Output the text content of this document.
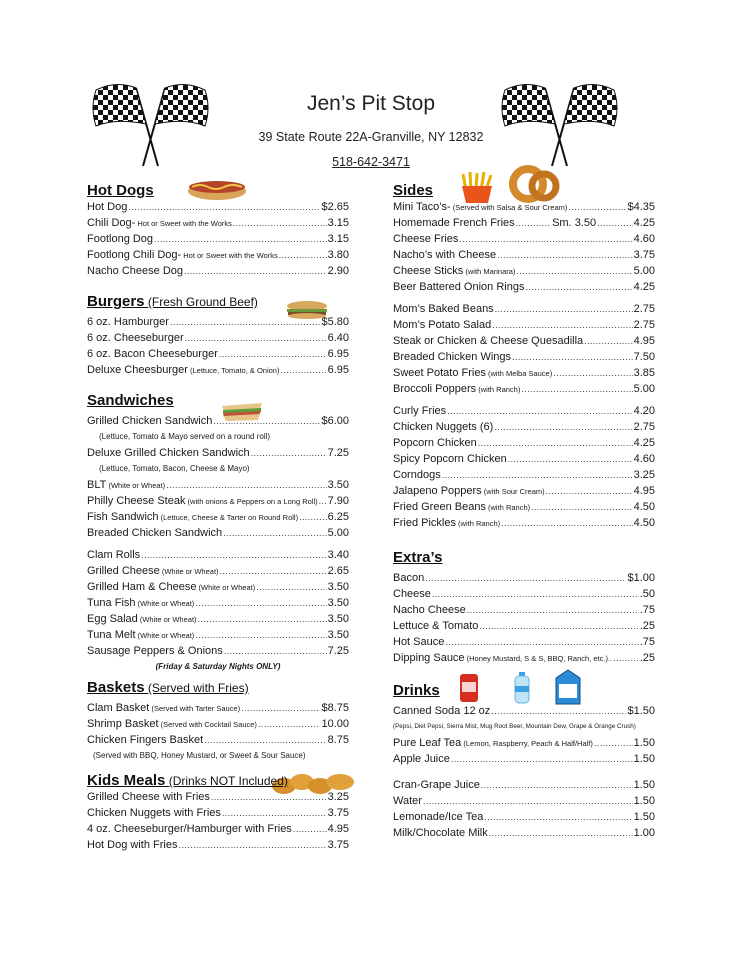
Jen’s Pit Stop
39 State Route 22A-Granville, NY 12832
518-642-3471
Hot Dogs
Hot Dog .....	$2.65
Chili Dog- Hot or Sweet with the Works .....	3.15
Footlong Dog .....	3.15
Footlong Chili Dog- Hot or Sweet with the Works .....	3.80
Nacho Cheese Dog .....	2.90
Burgers (Fresh Ground Beef)
6 oz. Hamburger .....	$5.80
6 oz. Cheeseburger .....	6.40
6 oz. Bacon Cheeseburger .....	6.95
Deluxe Cheesburger (Lettuce, Tomato, & Onion) .....	6.95
Sandwiches
Grilled Chicken Sandwich .....	$6.00
(Lettuce, Tomato & Mayo served on a round roll)
Deluxe Grilled Chicken Sandwich .....	7.25
(Lettuce, Tomato, Bacon, Cheese & Mayo)
BLT (White or Wheat) .....	3.50
Philly Cheese Steak (with onions & Peppers on a Long Roll) ..... 7.90
Fish Sandwich (Lettuce, Cheese & Tarter on Round Roll) .....	6.25
Breaded Chicken Sandwich .....	5.00
Clam Rolls .....	3.40
Grilled Cheese (White or Wheat) .....	2.65
Grilled Ham & Cheese (White or Wheat) .....	3.50
Tuna Fish (White or Wheat) .....	3.50
Egg Salad (White or Wheat) .....	3.50
Tuna Melt (White or Wheat) .....	3.50
Sausage Peppers & Onions .....	7.25
(Friday & Saturday Nights ONLY)
Baskets (Served with Fries)
Clam Basket (Served with Tarter Sauce) .....	$8.75
Shrimp Basket (Served with Cocktail Sauce) .....	10.00
Chicken Fingers Basket .....	8.75
(Served with BBQ, Honey Mustard, or Sweet & Sour Sauce)
Kids Meals (Drinks NOT Included)
Grilled Cheese with Fries .....	3.25
Chicken Nuggets with Fries .....	3.75
4 oz. Cheeseburger/Hamburger with Fries .....	4.95
Hot Dog with Fries .....	3.75
Sides
Mini Taco’s- (Served with Salsa & Sour Cream) .....	$4.35
Homemade French Fries .....	Sm. 3.50 .....	4.25
Cheese Fries .....	4.60
Nacho’s with Cheese .....	3.75
Cheese Sticks (with Marinara) .....	5.00
Beer Battered Onion Rings .....	4.25
Mom’s Baked Beans .....	2.75
Mom’s Potato Salad .....	2.75
Steak or Chicken & Cheese Quesadilla .....	4.95
Breaded Chicken Wings .....	7.50
Sweet Potato Fries (with Melba Sauce) .....	3.85
Broccoli Poppers (with Ranch) .....	5.00
Curly Fries .....	4.20
Chicken Nuggets (6) .....	2.75
Popcorn Chicken .....	4.25
Spicy Popcorn Chicken .....	4.60
Corndogs .....	3.25
Jalapeno Poppers (with Sour Cream) .....	4.95
Fried Green Beans (with Ranch) .....	4.50
Fried Pickles (with Ranch) .....	4.50
Extra’s
Bacon .....	$1.00
Cheese .....	.50
Nacho Cheese .....	.75
Lettuce & Tomato .....	.25
Hot Sauce .....	.75
Dipping Sauce (Honey Mustard, S & S, BBQ, Ranch, etc.).. .....	.25
Drinks
Canned Soda 12 oz .....	$1.50
(Pepsi, Diet Pepsi, Sierra Mist, Mug Root Beer, Mountain Dew, Grape & Orange Crush)
Pure Leaf Tea (Lemon, Raspberry, Peach & Half/Half) .....	1.50
Apple Juice .....	1.50
Cran-Grape Juice .....	1.50
Water .....	1.50
Lemonade/Ice Tea .....	1.50
Milk/Chocolate Milk .....	1.00
